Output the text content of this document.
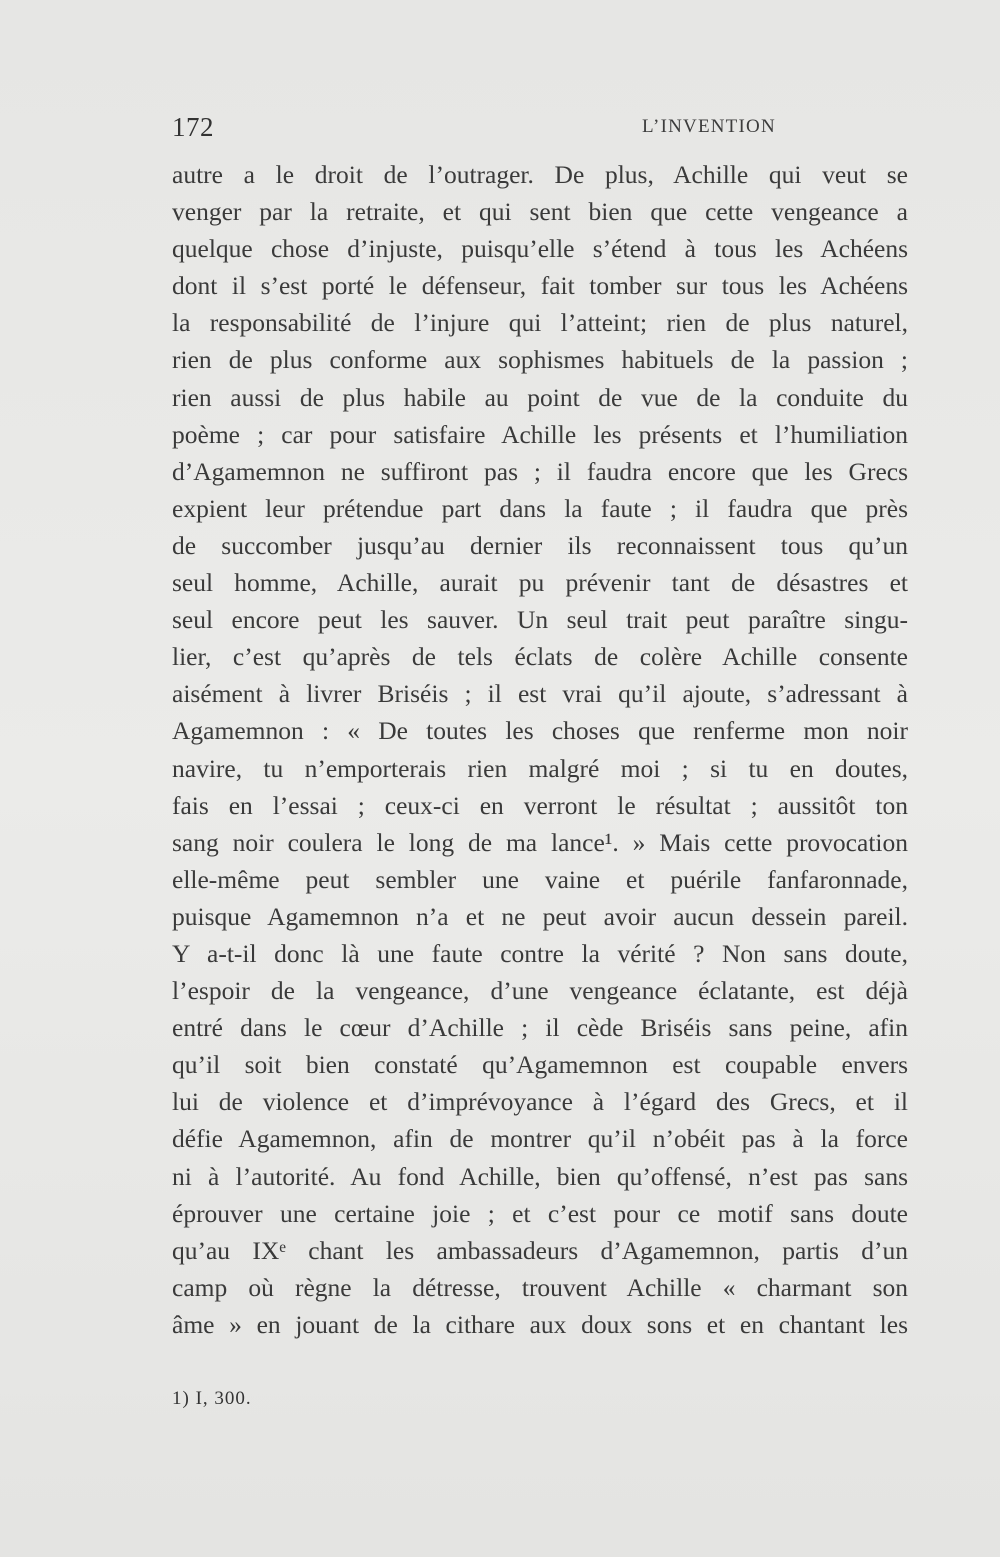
172	L’INVENTION
autre a le droit de l’outrager. De plus, Achille qui veut se
venger par la retraite, et qui sent bien que cette vengeance a
quelque chose d’injuste, puisqu’elle s’étend à tous les Achéens
dont il s’est porté le défenseur, fait tomber sur tous les Achéens
la responsabilité de l’injure qui l’atteint; rien de plus naturel,
rien de plus conforme aux sophismes habituels de la passion ;
rien aussi de plus habile au point de vue de la conduite du
poème ; car pour satisfaire Achille les présents et l’humiliation
d’Agamemnon ne suffiront pas ; il faudra encore que les Grecs
expient leur prétendue part dans la faute ; il faudra que près
de succomber jusqu’au dernier ils reconnaissent tous qu’un
seul homme, Achille, aurait pu prévenir tant de désastres et
seul encore peut les sauver. Un seul trait peut paraître singu-
lier, c’est qu’après de tels éclats de colère Achille consente
aisément à livrer Briséis ; il est vrai qu’il ajoute, s’adressant à
Agamemnon : « De toutes les choses que renferme mon noir
navire, tu n’emporterais rien malgré moi ; si tu en doutes,
fais en l’essai ; ceux-ci en verront le résultat ; aussitôt ton
sang noir coulera le long de ma lance¹. » Mais cette provocation
elle-même peut sembler une vaine et puérile fanfaronnade,
puisque Agamemnon n’a et ne peut avoir aucun dessein pareil.
Y a-t-il donc là une faute contre la vérité ? Non sans doute,
l’espoir de la vengeance, d’une vengeance éclatante, est déjà
entré dans le cœur d’Achille ; il cède Briséis sans peine, afin
qu’il soit bien constaté qu’Agamemnon est coupable envers
lui de violence et d’imprévoyance à l’égard des Grecs, et il
défie Agamemnon, afin de montrer qu’il n’obéit pas à la force
ni à l’autorité. Au fond Achille, bien qu’offensé, n’est pas sans
éprouver une certaine joie ; et c’est pour ce motif sans doute
qu’au IXᵉ chant les ambassadeurs d’Agamemnon, partis d’un
camp où règne la détresse, trouvent Achille « charmant son
âme » en jouant de la cithare aux doux sons et en chantant les
1) I, 300.
